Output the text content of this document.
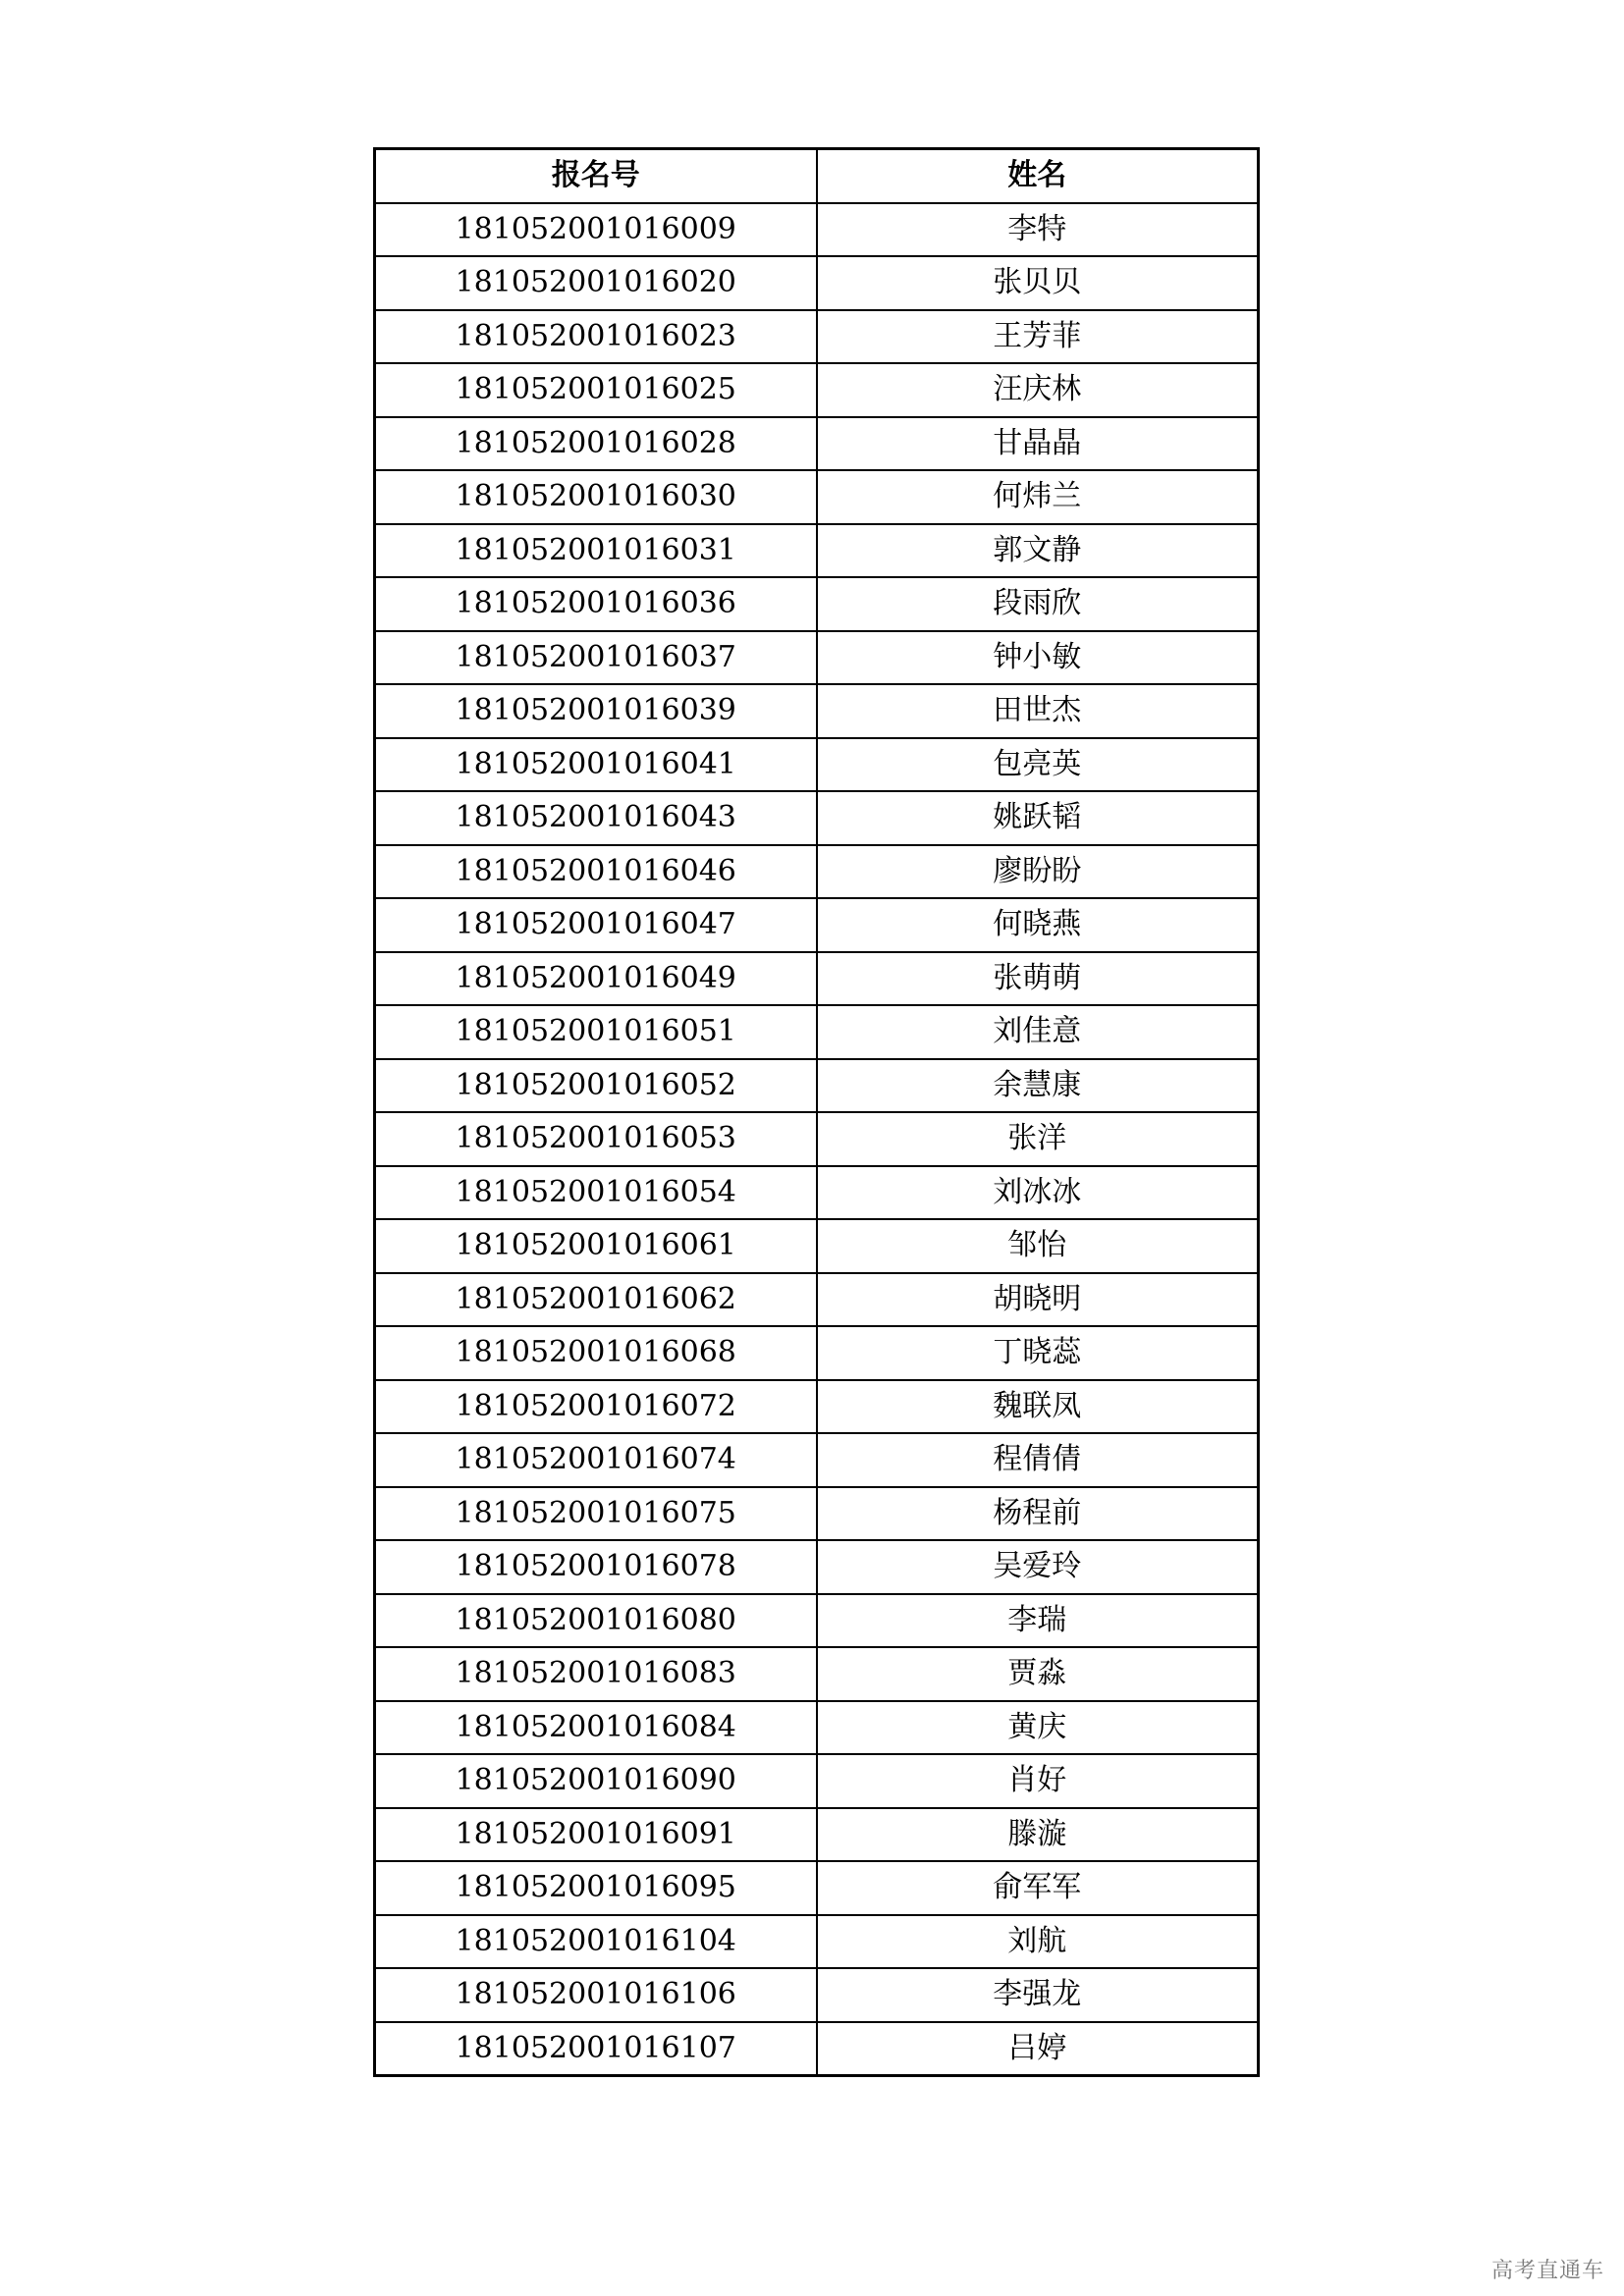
报名号	姓名
181052001016009	李特
181052001016020	张贝贝
181052001016023	王芳菲
181052001016025	汪庆林
181052001016028	甘晶晶
181052001016030	何炜兰
181052001016031	郭文静
181052001016036	段雨欣
181052001016037	钟小敏
181052001016039	田世杰
181052001016041	包亮英
181052001016043	姚跃韬
181052001016046	廖盼盼
181052001016047	何晓燕
181052001016049	张萌萌
181052001016051	刘佳意
181052001016052	余慧康
181052001016053	张洋
181052001016054	刘冰冰
181052001016061	邹怡
181052001016062	胡晓明
181052001016068	丁晓蕊
181052001016072	魏联凤
181052001016074	程倩倩
181052001016075	杨程前
181052001016078	吴爱玲
181052001016080	李瑞
181052001016083	贾淼
181052001016084	黄庆
181052001016090	肖好
181052001016091	滕漩
181052001016095	俞军军
181052001016104	刘航
181052001016106	李强龙
181052001016107	吕婷
高考直通车
